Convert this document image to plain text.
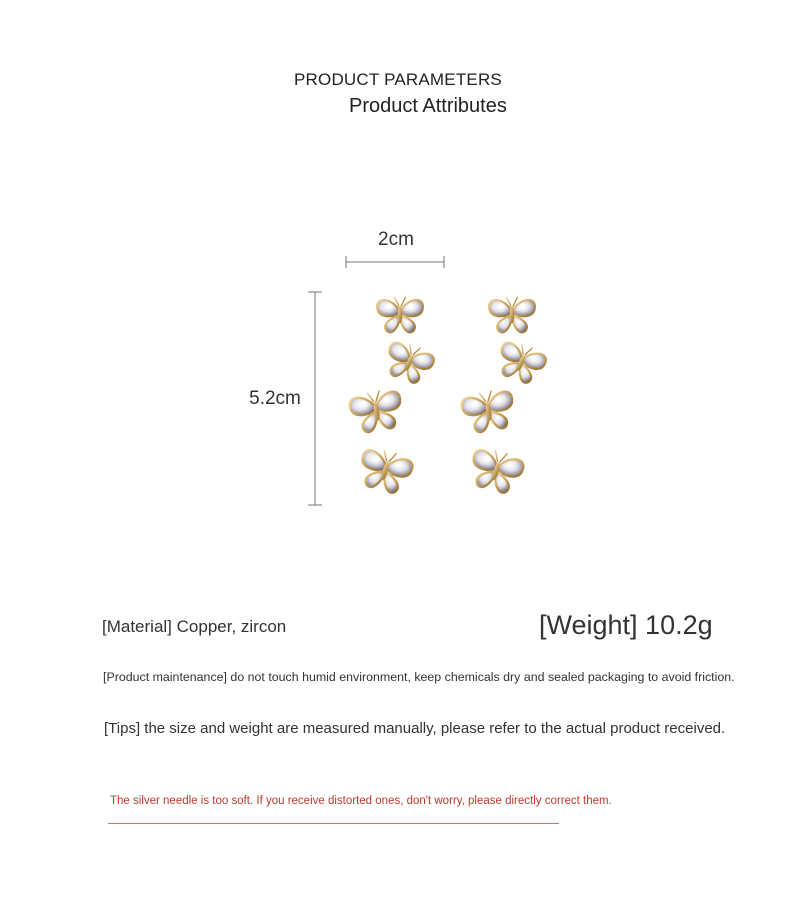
PRODUCT PARAMETERS
Product Attributes
2cm
5.2cm
[Material] Copper, zircon	[Weight] 10.2g
[Product maintenance] do not touch humid environment, keep chemicals dry and sealed packaging to avoid friction.
[Tips] the size and weight are measured manually, please refer to the actual product received.
The silver needle is too soft. If you receive distorted ones, don't worry, please directly correct them.
